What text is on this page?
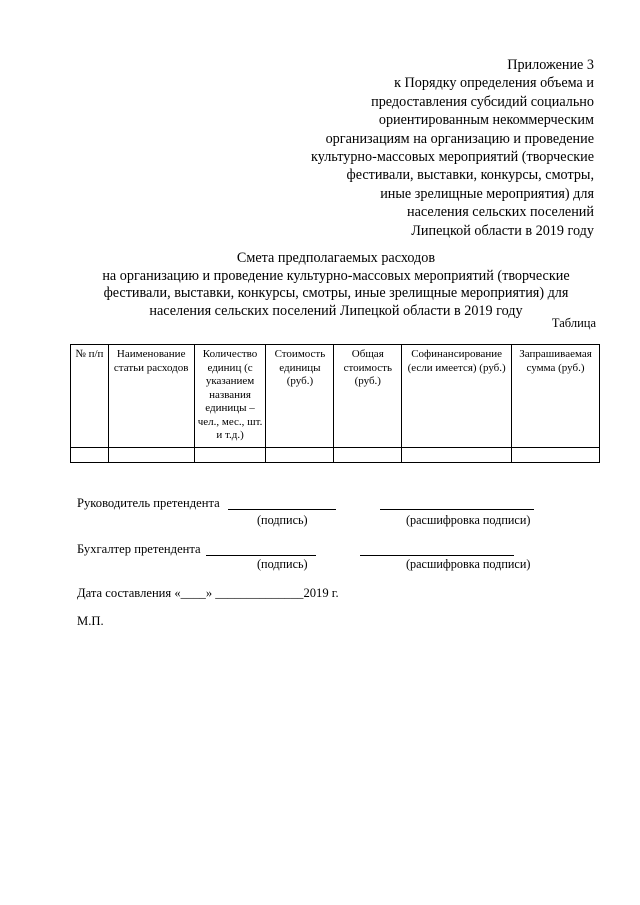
Приложение 3
к Порядку определения объема и
предоставления субсидий социально
ориентированным некоммерческим
организациям на организацию и проведение
культурно-массовых мероприятий (творческие
фестивали, выставки, конкурсы, смотры,
иные зрелищные мероприятия) для
населения сельских поселений
Липецкой области в 2019 году
Смета предполагаемых расходов
на организацию и проведение культурно-массовых мероприятий (творческие
фестивали, выставки, конкурсы, смотры, иные зрелищные мероприятия) для
населения сельских поселений Липецкой области в 2019 году
Таблица
№ п/п	Наименование статьи расходов	Количество единиц (с указанием названия единицы – чел., мес., шт. и т.д.)	Стоимость единицы (руб.)	Общая стоимость (руб.)	Софинансирование (если имеется) (руб.)	Запрашиваемая сумма (руб.)

Руководитель претендента
(подпись)	(расшифровка подписи)
Бухгалтер претендента
(подпись)	(расшифровка подписи)
Дата составления «____» ______________2019 г.
М.П.
